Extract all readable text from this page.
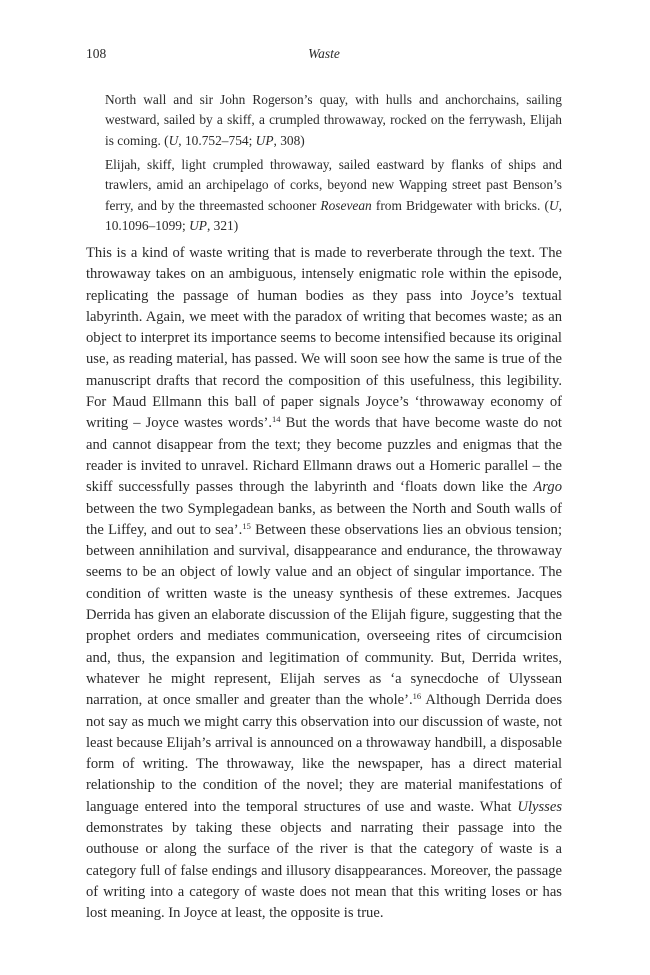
108	Waste

North wall and sir John Rogerson’s quay, with hulls and anchorchains, sailing westward, sailed by a skiff, a crumpled throwaway, rocked on the ferrywash, Elijah is coming. (U, 10.752–754; UP, 308)

Elijah, skiff, light crumpled throwaway, sailed eastward by flanks of ships and trawlers, amid an archipelago of corks, beyond new Wapping street past Benson’s ferry, and by the threemasted schooner Rosevean from Bridgewater with bricks. (U, 10.1096–1099; UP, 321)

This is a kind of waste writing that is made to reverberate through the text. The throwaway takes on an ambiguous, intensely enigmatic role within the episode, replicating the passage of human bodies as they pass into Joyce’s textual labyrinth. Again, we meet with the paradox of writing that becomes waste; as an object to interpret its importance seems to become intensified because its original use, as reading material, has passed. We will soon see how the same is true of the manuscript drafts that record the composition of this usefulness, this legibility. For Maud Ellmann this ball of paper signals Joyce’s ‘throwaway economy of writing – Joyce wastes words’.$^{14}$ But the words that have become waste do not and cannot disappear from the text; they become puzzles and enigmas that the reader is invited to unravel. Richard Ellmann draws out a Homeric parallel – the skiff successfully passes through the labyrinth and ‘floats down like the Argo between the two Symplegadean banks, as between the North and South walls of the Liffey, and out to sea’.$^{15}$ Between these observations lies an obvious tension; between annihilation and survival, disappearance and endurance, the throwaway seems to be an object of lowly value and an object of singular importance. The condition of written waste is the uneasy synthesis of these extremes. Jacques Derrida has given an elaborate discussion of the Elijah figure, suggesting that the prophet orders and mediates communication, overseeing rites of circumcision and, thus, the expansion and legitimation of community. But, Derrida writes, whatever he might represent, Elijah serves as ‘a synecdoche of Ulyssean narration, at once smaller and greater than the whole’.$^{16}$ Although Derrida does not say as much we might carry this observation into our discussion of waste, not least because Elijah’s arrival is announced on a throwaway handbill, a disposable form of writing. The throwaway, like the newspaper, has a direct material relationship to the condition of the novel; they are material manifestations of language entered into the temporal structures of use and waste. What Ulysses demonstrates by taking these objects and narrating their passage into the outhouse or along the surface of the river is that the category of waste is a category full of false endings and illusory disappearances. Moreover, the passage of writing into a category of waste does not mean that this writing loses or has lost meaning. In Joyce at least, the opposite is true.
